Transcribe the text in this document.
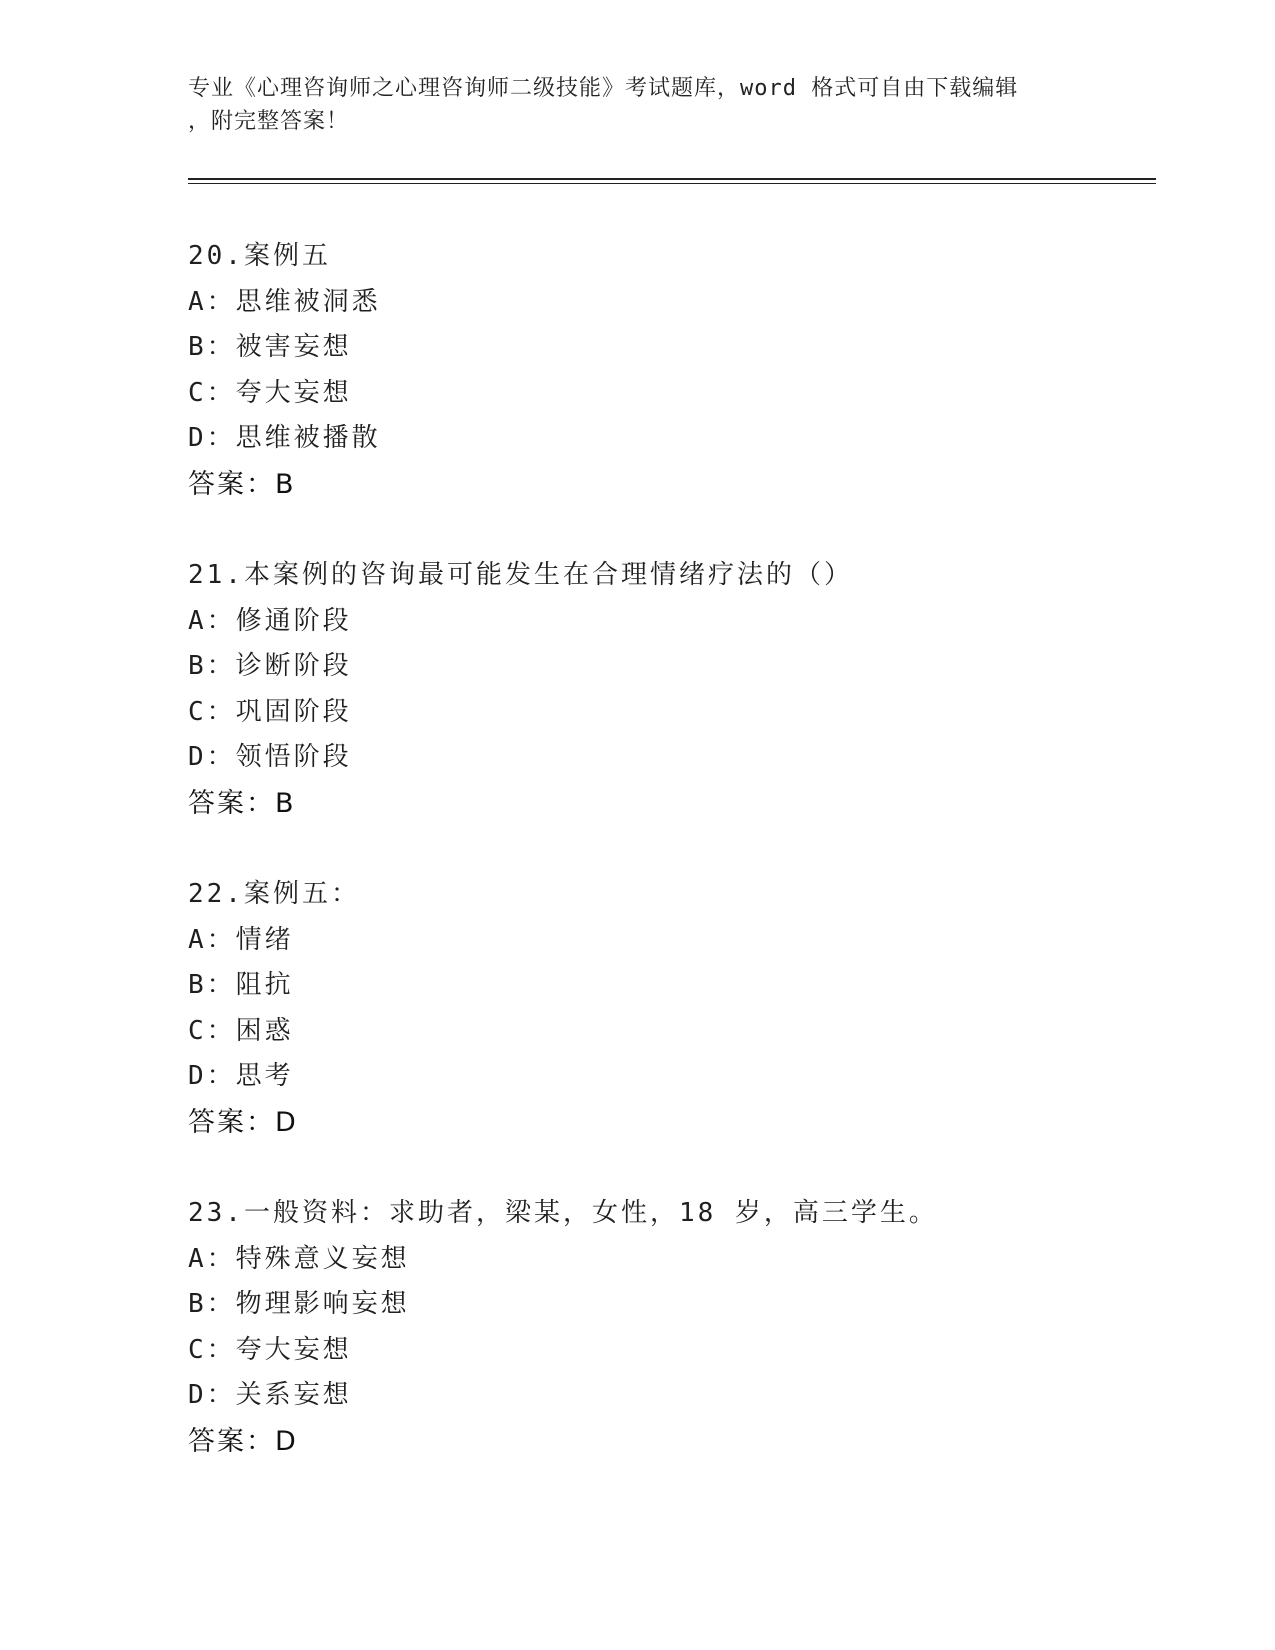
专业《心理咨询师之心理咨询师二级技能》考试题库，word 格式可自由下载编辑
，附完整答案！
20.案例五
A：思维被洞悉
B：被害妄想
C：夸大妄想
D：思维被播散
答案：B
21.本案例的咨询最可能发生在合理情绪疗法的（）
A：修通阶段
B：诊断阶段
C：巩固阶段
D：领悟阶段
答案：B
22.案例五：
A：情绪
B：阻抗
C：困惑
D：思考
答案：D
23.一般资料：求助者，梁某，女性，18 岁，高三学生。
A：特殊意义妄想
B：物理影响妄想
C：夸大妄想
D：关系妄想
答案：D
